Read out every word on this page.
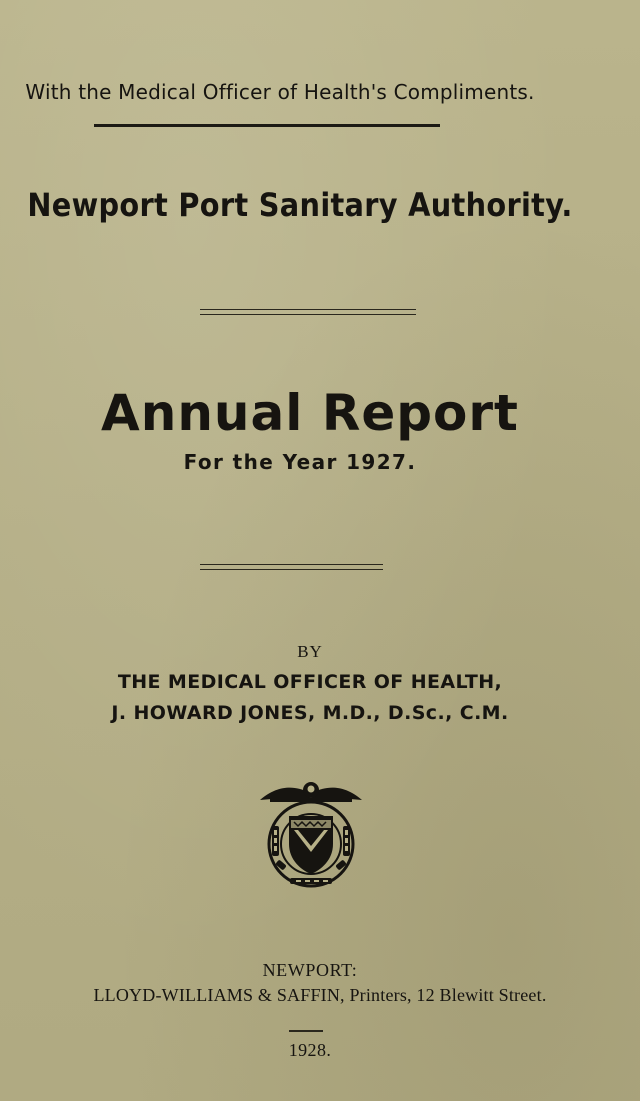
With the Medical Officer of Health's Compliments.
Newport Port Sanitary Authority.
Annual Report
For the Year 1927.
BY
THE MEDICAL OFFICER OF HEALTH,
J. HOWARD JONES, M.D., D.Sc., C.M.
NEWPORT:
LLOYD-WILLIAMS & SAFFIN, Printers, 12 Blewitt Street.
1928.
